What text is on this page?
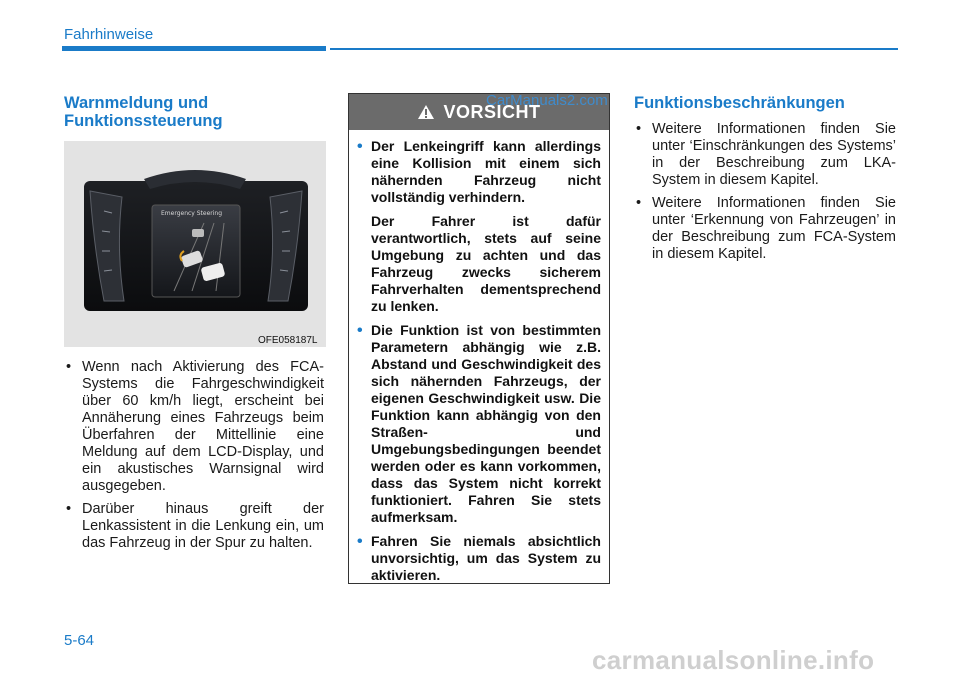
Fahrhinweise
Warnmeldung und
Funktionssteuerung
Emergency Steering
OFE058187L
• Wenn nach Aktivierung des FCA-Systems die Fahrgeschwindigkeit über 60 km/h liegt, erscheint bei Annäherung eines Fahrzeugs beim Überfahren der Mittellinie eine Meldung auf dem LCD-Display, und ein akustisches Warnsignal wird ausgegeben.
• Darüber hinaus greift der Lenkassistent in die Lenkung ein, um das Fahrzeug in der Spur zu halten.
VORSICHT

• Der Lenkeingriff kann allerdings eine Kollision mit einem sich nähernden Fahrzeug nicht vollständig verhindern.

Der Fahrer ist dafür verantwortlich, stets auf seine Umgebung zu achten und das Fahrzeug zwecks sicherem Fahrverhalten dementsprechend zu lenken.

• Die Funktion ist von bestimmten Parametern abhängig wie z.B. Abstand und Geschwindigkeit des sich nähernden Fahrzeugs, der eigenen Geschwindigkeit usw. Die Funktion kann abhängig von den Straßen- und Umgebungsbedingungen beendet werden oder es kann vorkommen, dass das System nicht korrekt funktioniert. Fahren Sie stets aufmerksam.

• Fahren Sie niemals absichtlich unvorsichtig, um das System zu aktivieren.

CarManuals2.com Funktionsbeschränkungen
• Weitere Informationen finden Sie unter ‘Einschränkungen des Systems’ in der Beschreibung zum LKA-System in diesem Kapitel.
• Weitere Informationen finden Sie unter ‘Erkennung von Fahrzeugen’ in der Beschreibung zum FCA-System in diesem Kapitel.
5-64
carmanualsonline.info
